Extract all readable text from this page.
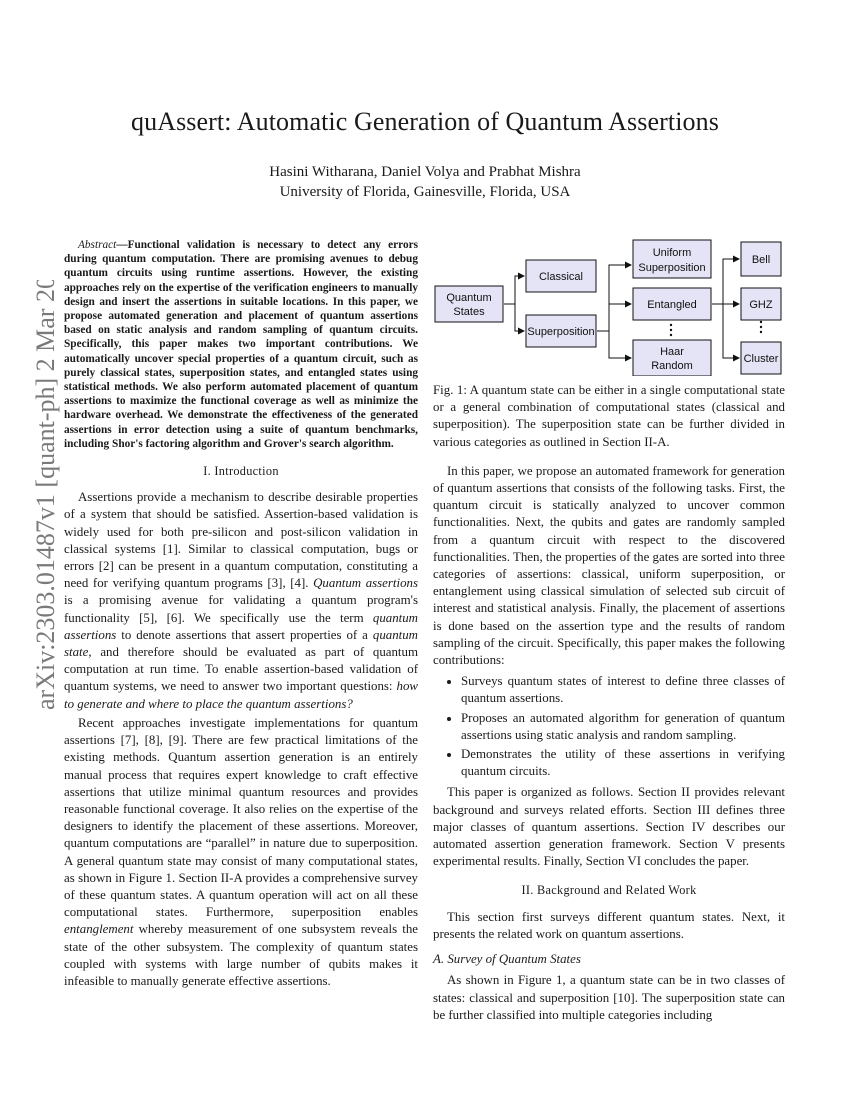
arXiv:2303.01487v1 [quant-ph] 2 Mar 2023
quAssert: Automatic Generation of Quantum Assertions
Hasini Witharana, Daniel Volya and Prabhat Mishra
University of Florida, Gainesville, Florida, USA

Abstract—Functional validation is necessary to detect any errors during quantum computation. There are promising avenues to debug quantum circuits using runtime assertions. However, the existing approaches rely on the expertise of the verification engineers to manually design and insert the assertions in suitable locations. In this paper, we propose automated generation and placement of quantum assertions based on static analysis and random sampling of quantum circuits. Specifically, this paper makes two important contributions. We automatically uncover special properties of a quantum circuit, such as purely classical states, superposition states, and entangled states using statistical methods. We also perform automated placement of quantum assertions to maximize the functional coverage as well as minimize the hardware overhead. We demonstrate the effectiveness of the generated assertions in error detection using a suite of quantum benchmarks, including Shor's factoring algorithm and Grover's search algorithm.

I. Introduction

Assertions provide a mechanism to describe desirable properties of a system that should be satisfied. Assertion-based validation is widely used for both pre-silicon and post-silicon validation in classical systems [1]. Similar to classical computation, bugs or errors [2] can be present in a quantum computation, constituting a need for verifying quantum programs [3], [4]. Quantum assertions is a promising avenue for validating a quantum program's functionality [5], [6]. We specifically use the term quantum assertions to denote assertions that assert properties of a quantum state, and therefore should be evaluated as part of quantum computation at run time. To enable assertion-based validation of quantum systems, we need to answer two important questions: how to generate and where to place the quantum assertions?

Recent approaches investigate implementations for quantum assertions [7], [8], [9]. There are few practical limitations of the existing methods. Quantum assertion generation is an entirely manual process that requires expert knowledge to craft effective assertions that utilize minimal quantum resources and provides reasonable functional coverage. It also relies on the expertise of the designers to identify the placement of these assertions. Moreover, quantum computations are “parallel” in nature due to superposition. A general quantum state may consist of many computational states, as shown in Figure 1. Section II-A provides a comprehensive survey of these quantum states. A quantum operation will act on all these computational states. Furthermore, superposition enables entanglement whereby measurement of one subsystem reveals the state of the other subsystem. The complexity of quantum states coupled with systems with large number of qubits makes it infeasible to manually generate effective assertions.

Quantum
States
Classical
Superposition
Uniform
Superposition
Entangled
Haar
Random
Bell
GHZ
Cluster

Fig. 1: A quantum state can be either in a single computational state or a general combination of computational states (classical and superposition). The superposition state can be further divided in various categories as outlined in Section II-A.

In this paper, we propose an automated framework for generation of quantum assertions that consists of the following tasks. First, the quantum circuit is statically analyzed to uncover common functionalities. Next, the qubits and gates are randomly sampled from a quantum circuit with respect to the discovered functionalities. Then, the properties of the gates are sorted into three categories of assertions: classical, uniform superposition, or entanglement using classical simulation of selected sub circuit of interest and statistical analysis. Finally, the placement of assertions is done based on the assertion type and the results of random sampling of the circuit. Specifically, this paper makes the following contributions:

• Surveys quantum states of interest to define three classes of quantum assertions.
• Proposes an automated algorithm for generation of quantum assertions using static analysis and random sampling.
• Demonstrates the utility of these assertions in verifying quantum circuits.

This paper is organized as follows. Section II provides relevant background and surveys related efforts. Section III defines three major classes of quantum assertions. Section IV describes our automated assertion generation framework. Section V presents experimental results. Finally, Section VI concludes the paper.

II. Background and Related Work

This section first surveys different quantum states. Next, it presents the related work on quantum assertions.

A. Survey of Quantum States

As shown in Figure 1, a quantum state can be in two classes of states: classical and superposition [10]. The superposition state can be further classified into multiple categories including
